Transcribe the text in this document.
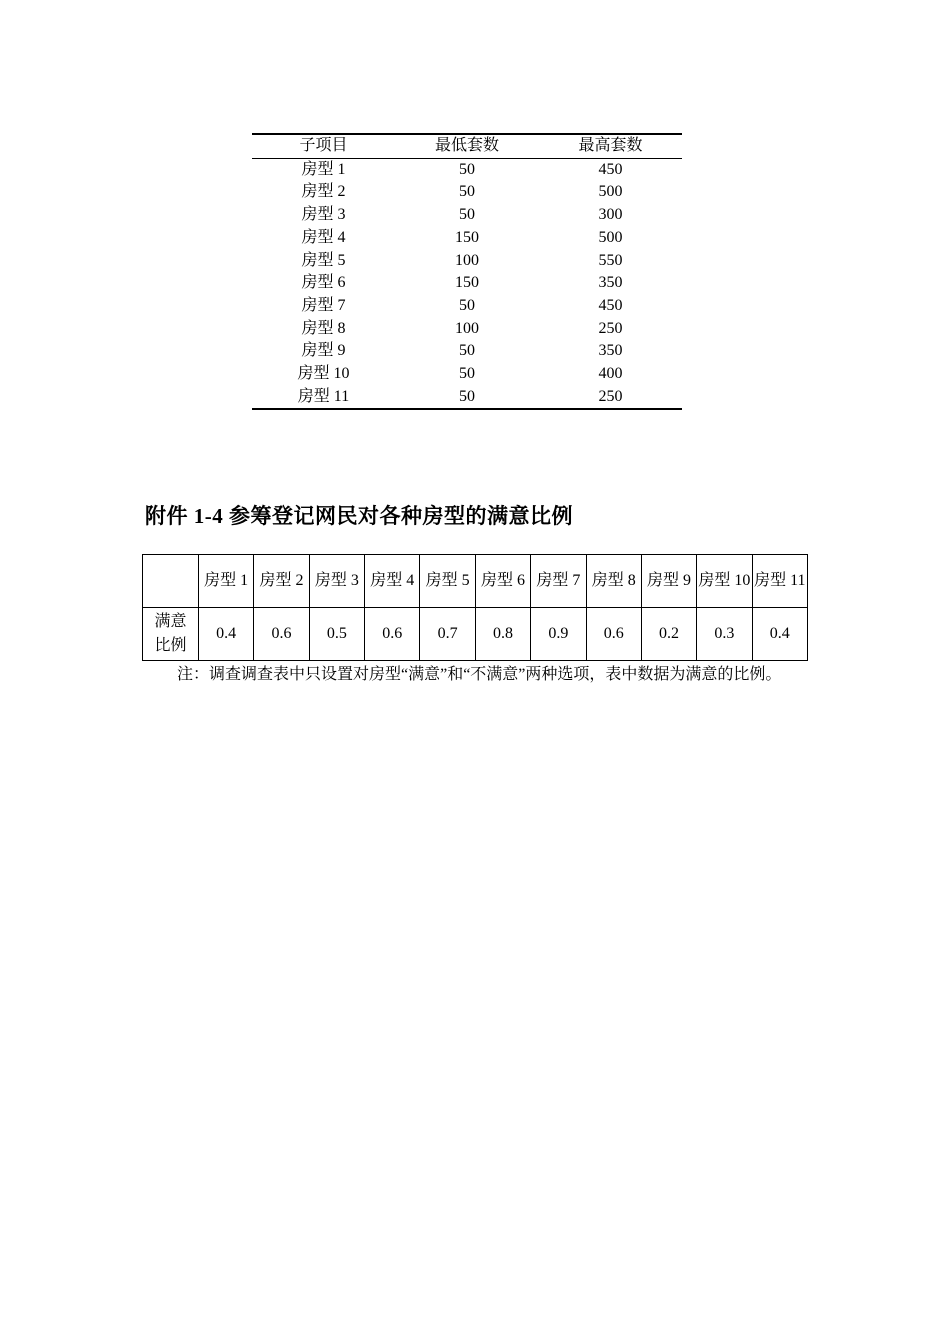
子项目	最低套数	最高套数
房型 1	50	450
房型 2	50	500
房型 3	50	300
房型 4	150	500
房型 5	100	550
房型 6	150	350
房型 7	50	450
房型 8	100	250
房型 9	50	350
房型 10	50	400
房型 11	50	250
附件 1-4 参筹登记网民对各种房型的满意比例
	房型 1	房型 2	房型 3	房型 4	房型 5	房型 6	房型 7	房型 8	房型 9	房型 10	房型 11
满意
比例	0.4	0.6	0.5	0.6	0.7	0.8	0.9	0.6	0.2	0.3	0.4
注：调查调查表中只设置对房型“满意”和“不满意”两种选项，表中数据为满意的比例。
